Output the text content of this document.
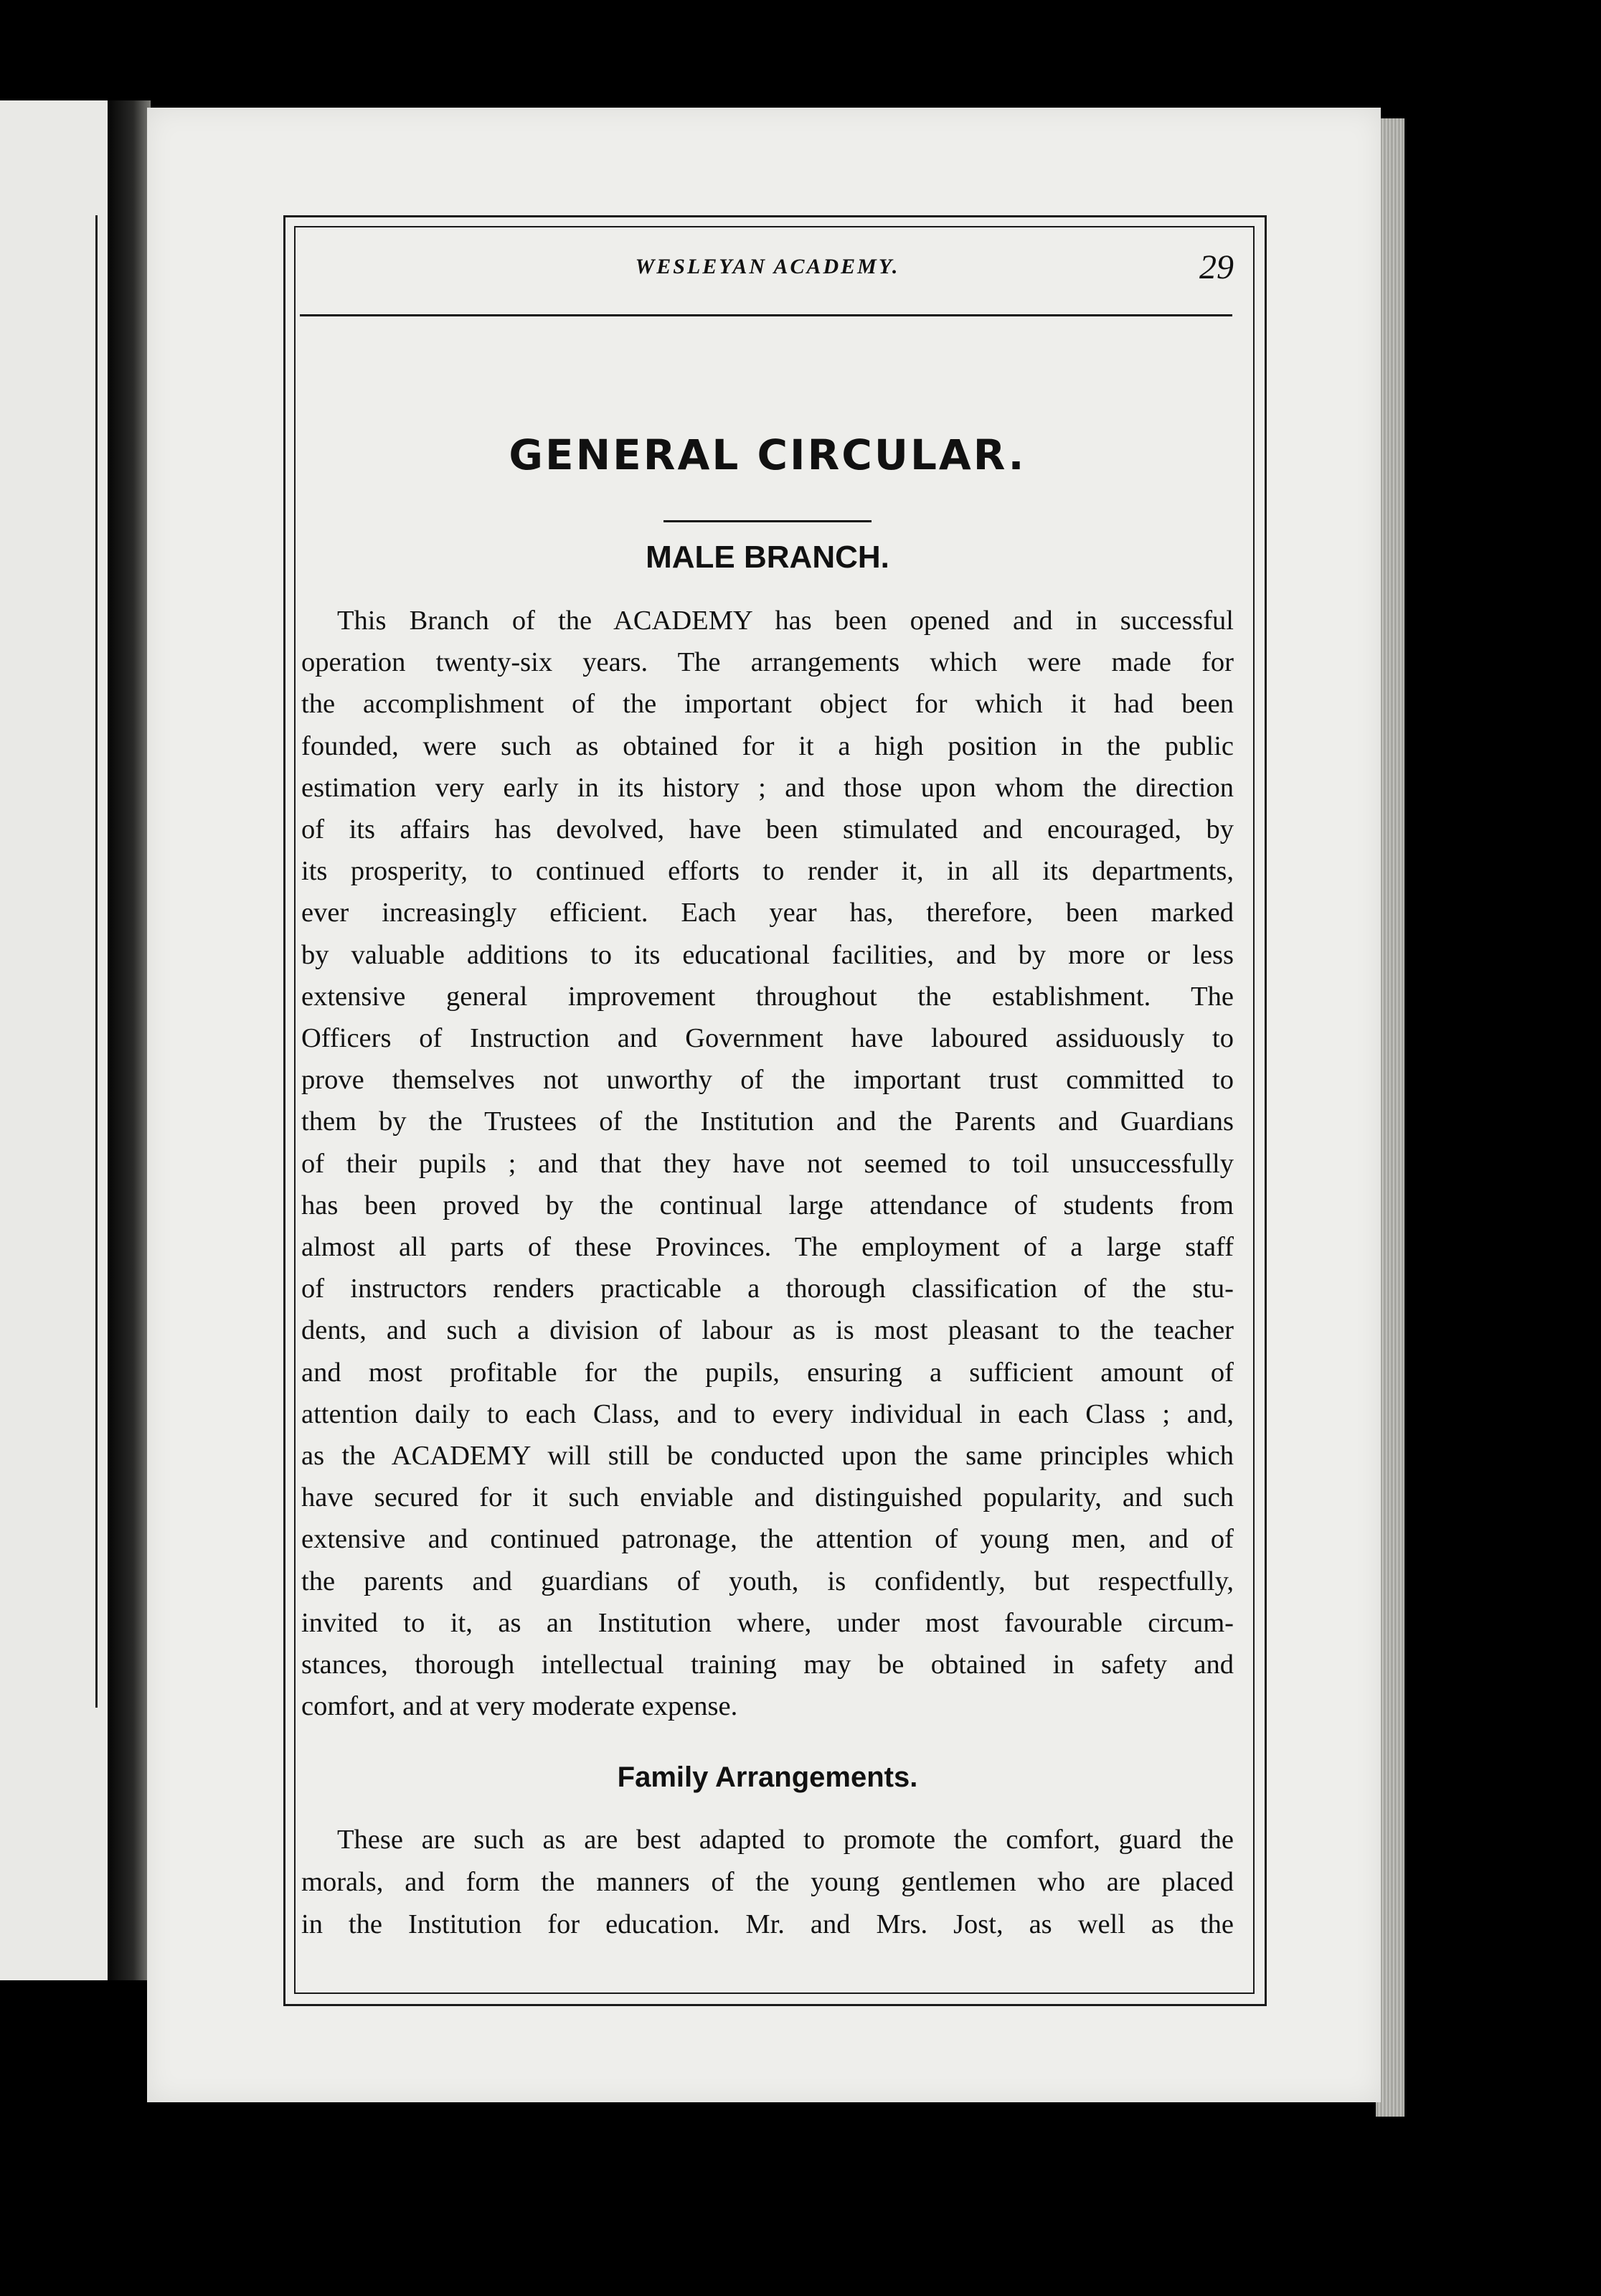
WESLEYAN ACADEMY.	29
GENERAL CIRCULAR.
MALE BRANCH.

This Branch of the ACADEMY has been opened and in successful
operation twenty-six years. The arrangements which were made for
the accomplishment of the important object for which it had been
founded, were such as obtained for it a high position in the public
estimation very early in its history ; and those upon whom the direction
of its affairs has devolved, have been stimulated and encouraged, by
its prosperity, to continued efforts to render it, in all its departments,
ever increasingly efficient. Each year has, therefore, been marked
by valuable additions to its educational facilities, and by more or less
extensive general improvement throughout the establishment. The
Officers of Instruction and Government have laboured assiduously to
prove themselves not unworthy of the important trust committed to
them by the Trustees of the Institution and the Parents and Guardians
of their pupils ; and that they have not seemed to toil unsuccessfully
has been proved by the continual large attendance of students from
almost all parts of these Provinces. The employment of a large staff
of instructors renders practicable a thorough classification of the stu-
dents, and such a division of labour as is most pleasant to the teacher
and most profitable for the pupils, ensuring a sufficient amount of
attention daily to each Class, and to every individual in each Class ; and,
as the ACADEMY will still be conducted upon the same principles which
have secured for it such enviable and distinguished popularity, and such
extensive and continued patronage, the attention of young men, and of
the parents and guardians of youth, is confidently, but respectfully,
invited to it, as an Institution where, under most favourable circum-
stances, thorough intellectual training may be obtained in safety and
comfort, and at very moderate expense.

Family Arrangements.

These are such as are best adapted to promote the comfort, guard the
morals, and form the manners of the young gentlemen who are placed
in the Institution for education. Mr. and Mrs. Jost, as well as the
